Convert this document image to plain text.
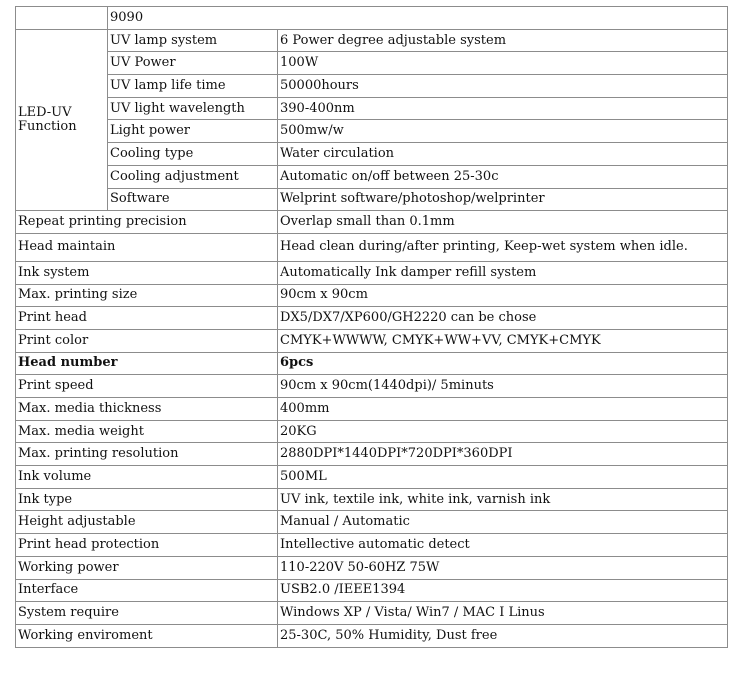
	9090	

LED-UV
Function	UV lamp system	6 Power degree adjustable system
	UV Power	100W
	UV lamp life time	50000hours
	UV light wavelength	390-400nm
	Light power	500mw/w
	Cooling type	Water circulation
	Cooling adjustment	Automatic on/off between 25-30c
	Software	Welprint software/photoshop/welprinter
Repeat printing precision		Overlap small than 0.1mm
Head maintain		Head clean during/after printing, Keep-wet system when idle.
Ink system		Automatically Ink damper refill system
Max. printing size		90cm x 90cm
Print head		DX5/DX7/XP600/GH2220 can be chose
Print color		CMYK+WWWW, CMYK+WW+VV, CMYK+CMYK
Head number		6pcs
Print speed		90cm x 90cm(1440dpi)/ 5minuts
Max. media thickness		400mm
Max. media weight		20KG
Max. printing resolution		2880DPI*1440DPI*720DPI*360DPI
Ink volume		500ML
Ink type		UV ink, textile ink, white ink, varnish ink
Height adjustable		Manual / Automatic
Print head protection		Intellective automatic detect
Working power		110-220V 50-60HZ 75W
Interface		USB2.0 /IEEE1394
System require		Windows XP / Vista/ Win7 / MAC I Linus
Working enviroment		25-30C, 50% Humidity, Dust free
